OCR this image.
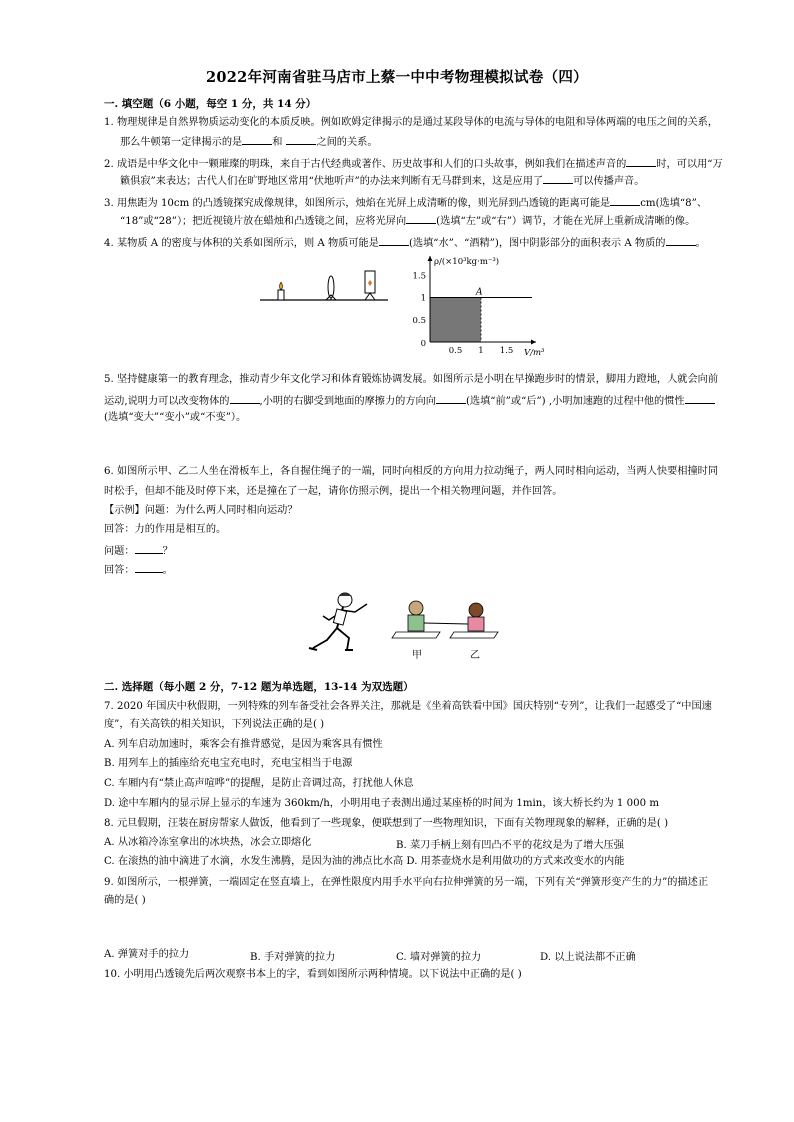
2022年河南省驻马店市上蔡一中中考物理模拟试卷（四）
一. 填空题（6 小题，每空 1 分，共 14 分）
1. 物理规律是自然界物质运动变化的本质反映。例如欧姆定律揭示的是通过某段导体的电流与导体的电阻和导体两端的电压之间的关系，
那么牛顿第一定律揭示的是	和	之间的关系。
2. 成语是中华文化中一颗璀璨的明珠，来自于古代经典或著作、历史故事和人们的口头故事，例如我们在描述声音的	时，可以用“万
籁俱寂”来表达；古代人们在旷野地区常用“伏地听声”的办法来判断有无马群到来，这是应用了	可以传播声音。
3. 用焦距为 10cm 的凸透镜探究成像规律，如图所示，烛焰在光屏上成清晰的像，则光屏到凸透镜的距离可能是	cm(选填“8”、
“18”或“28”）；把近视镜片放在蜡烛和凸透镜之间，应将光屏向	(选填“左”或“右”）调节，才能在光屏上重新成清晰的像。
4. 某物质 A 的密度与体积的关系如图所示，则 A 物质可能是	(选填“水”、“酒精”)，图中阴影部分的面积表示 A 物质的	。
A
0.5 1 1.5
0.5
1
1.5
0
ρ/(×10³kg·m⁻³)
V/m³
5. 坚持健康第一的教育理念，推动青少年文化学习和体育锻炼协调发展。如图所示是小明在早操跑步时的情景，脚用力蹬地，人就会向前
运动,说明力可以改变物体的	,小明的右脚受到地面的摩擦力的方向向	(选填“前”或“后”) ,小明加速跑的过程中他的惯性
(选填“变大”“变小”或“不变”）。
6. 如图所示甲、乙二人坐在滑板车上，各自握住绳子的一端，同时向相反的方向用力拉动绳子，两人同时相向运动，当两人快要相撞时同
时松手，但却不能及时停下来，还是撞在了一起，请你仿照示例，提出一个相关物理问题，并作回答。
【示例】问题：为什么两人同时相向运动？
回答：力的作用是相互的。
问题：	？
回答：	。
甲	乙
二. 选择题（每小题 2 分，7-12 题为单选题，13-14 为双选题）
7. 2020 年国庆中秋假期，一列特殊的列车备受社会各界关注，那就是《坐着高铁看中国》国庆特别“专列”，让我们一起感受了“中国速
度”，有关高铁的相关知识，下列说法正确的是( )
A. 列车启动加速时，乘客会有推背感觉，是因为乘客具有惯性
B. 用列车上的插座给充电宝充电时，充电宝相当于电源
C. 车厢内有“禁止高声喧哗”的提醒，是防止音调过高，打扰他人休息
D. 途中车厢内的显示屏上显示的车速为 360km/h，小明用电子表测出通过某座桥的时间为 1min，该大桥长约为 1 000 m
8. 元旦假期，汪装在厨房帮家人做饭，他看到了一些现象，便联想到了一些物理知识，下面有关物理现象的解释，正确的是( )
A. 从冰箱冷冻室拿出的冰块热，冰会立即熔化	B. 菜刀手柄上刻有凹凸不平的花纹是为了增大压强
C. 在滚热的油中滴进了水滴，水发生沸腾，是因为油的沸点比水高 D. 用茶壶烧水是利用做功的方式来改变水的内能
9. 如图所示，一根弹簧，一端固定在竖直墙上，在弹性限度内用手水平向右拉伸弹簧的另一端，下列有关“弹簧形变产生的力”的描述正
确的是( )
A. 弹簧对手的拉力	B. 手对弹簧的拉力	C. 墙对弹簧的拉力	D. 以上说法都不正确
10. 小明用凸透镜先后两次观察书本上的字，看到如图所示两种情境。以下说法中正确的是( )
